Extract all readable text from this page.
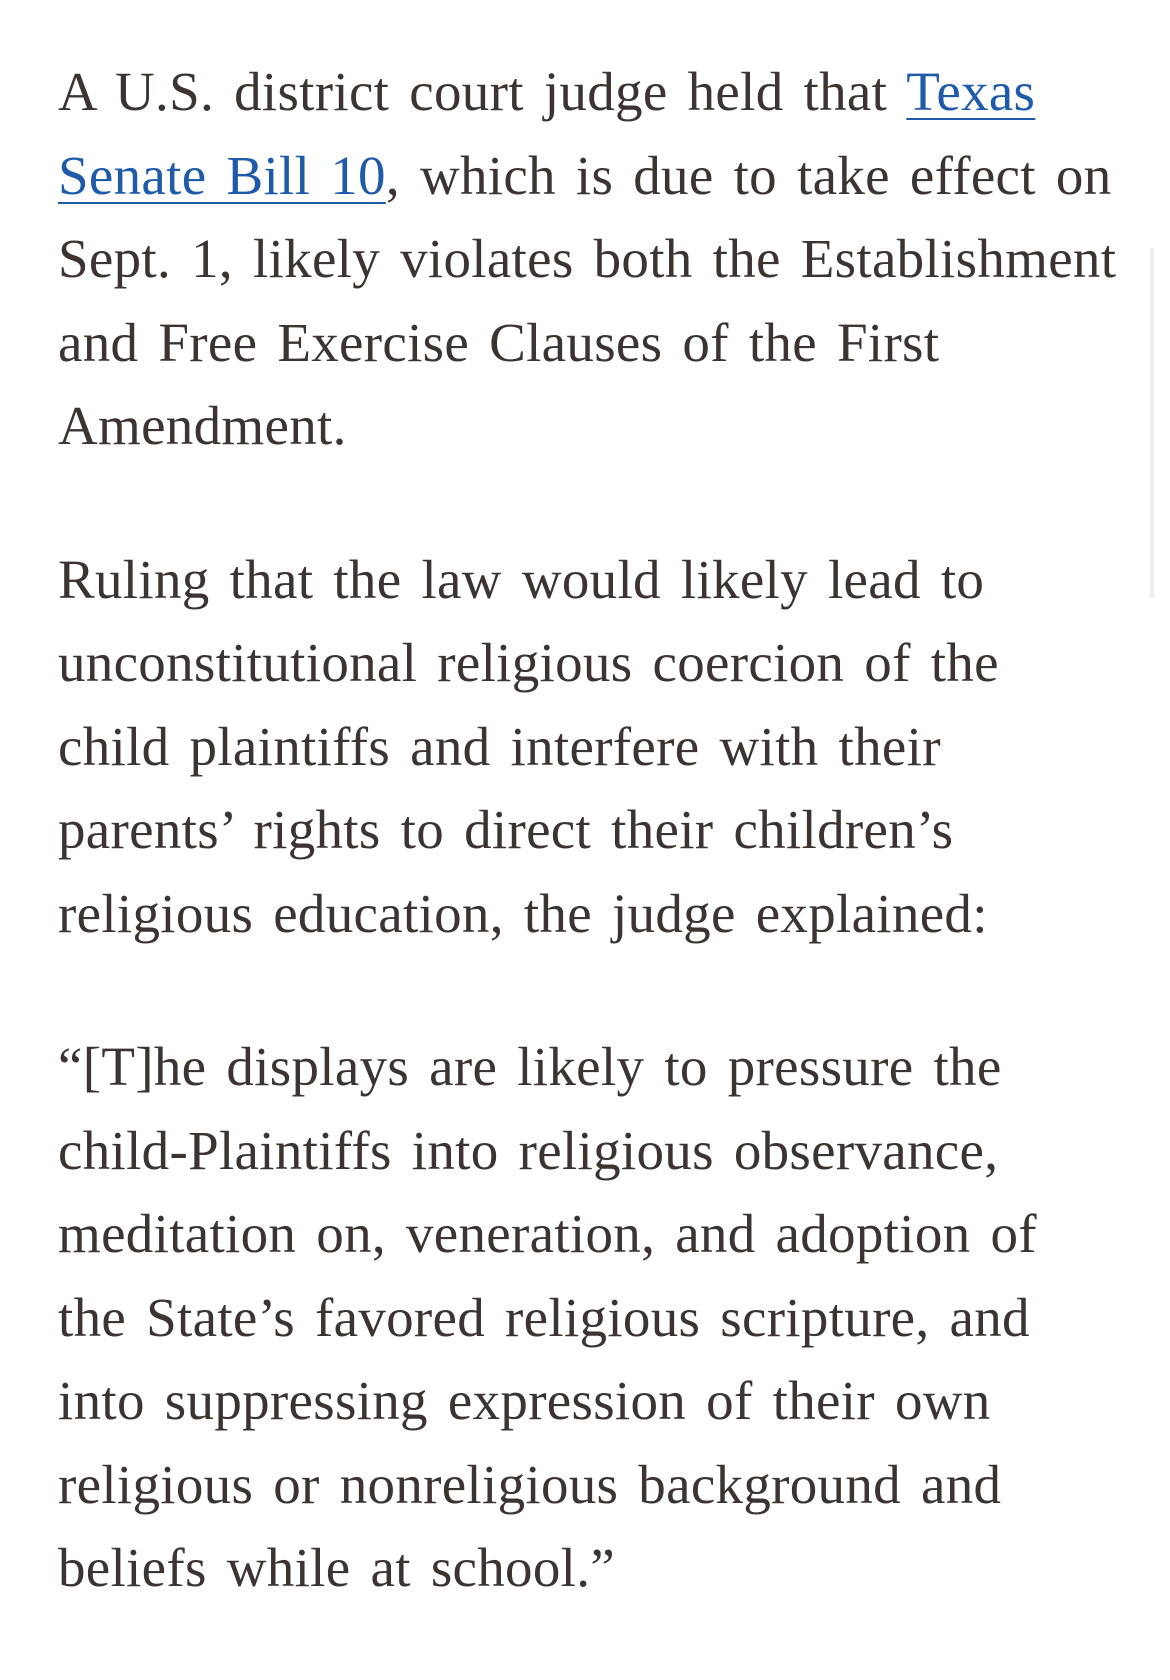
A U.S. district court judge held that Texas Senate Bill 10, which is due to take effect on Sept. 1, likely violates both the Establishment and Free Exercise Clauses of the First Amendment.

Ruling that the law would likely lead to unconstitutional religious coercion of the child plaintiffs and interfere with their parents’ rights to direct their children’s religious education, the judge explained:

“[T]he displays are likely to pressure the child-Plaintiffs into religious observance, meditation on, veneration, and adoption of the State’s favored religious scripture, and into suppressing expression of their own religious or nonreligious background and beliefs while at school.”
